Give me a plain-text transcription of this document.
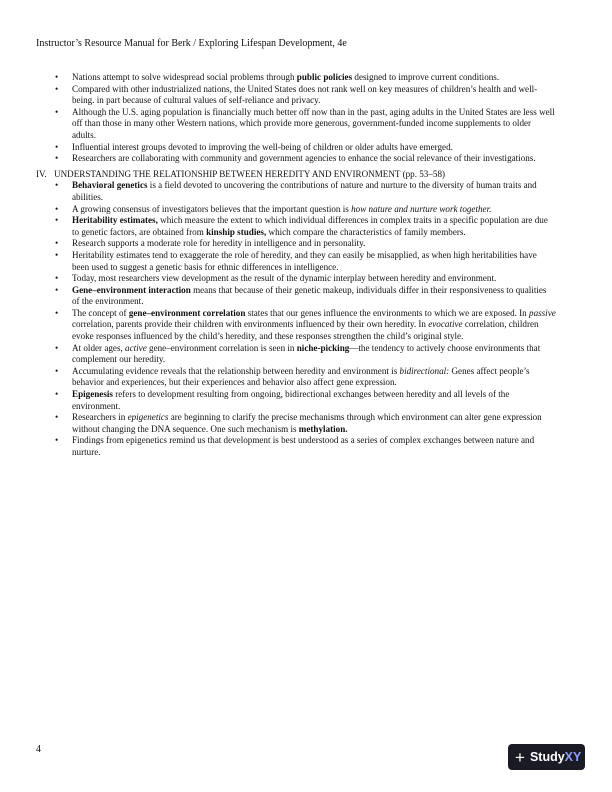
Instructor’s Resource Manual for Berk / Exploring Lifespan Development, 4e
• Nations attempt to solve widespread social problems through public policies designed to improve current conditions.
• Compared with other industrialized nations, the United States does not rank well on key measures of children’s health and well-being. in part because of cultural values of self-reliance and privacy.
• Although the U.S. aging population is financially much better off now than in the past, aging adults in the United States are less well off than those in many other Western nations, which provide more generous, government-funded income supplements to older adults.
• Influential interest groups devoted to improving the well-being of children or older adults have emerged.
• Researchers are collaborating with community and government agencies to enhance the social relevance of their investigations.
IV. UNDERSTANDING THE RELATIONSHIP BETWEEN HEREDITY AND ENVIRONMENT (pp. 53–58)
• Behavioral genetics is a field devoted to uncovering the contributions of nature and nurture to the diversity of human traits and abilities.
• A growing consensus of investigators believes that the important question is how nature and nurture work together.
• Heritability estimates, which measure the extent to which individual differences in complex traits in a specific population are due to genetic factors, are obtained from kinship studies, which compare the characteristics of family members.
• Research supports a moderate role for heredity in intelligence and in personality.
• Heritability estimates tend to exaggerate the role of heredity, and they can easily be misapplied, as when high heritabilities have been used to suggest a genetic basis for ethnic differences in intelligence.
• Today, most researchers view development as the result of the dynamic interplay between heredity and environment.
• Gene–environment interaction means that because of their genetic makeup, individuals differ in their responsiveness to qualities of the environment.
• The concept of gene–environment correlation states that our genes influence the environments to which we are exposed. In passive correlation, parents provide their children with environments influenced by their own heredity. In evocative correlation, children evoke responses influenced by the child’s heredity, and these responses strengthen the child’s original style.
• At older ages, active gene–environment correlation is seen in niche-picking—the tendency to actively choose environments that complement our heredity.
• Accumulating evidence reveals that the relationship between heredity and environment is bidirectional: Genes affect people’s behavior and experiences, but their experiences and behavior also affect gene expression.
• Epigenesis refers to development resulting from ongoing, bidirectional exchanges between heredity and all levels of the environment.
• Researchers in epigenetics are beginning to clarify the precise mechanisms through which environment can alter gene expression without changing the DNA sequence. One such mechanism is methylation.
• Findings from epigenetics remind us that development is best understood as a series of complex exchanges between nature and nurture.
4	+ Study XY
